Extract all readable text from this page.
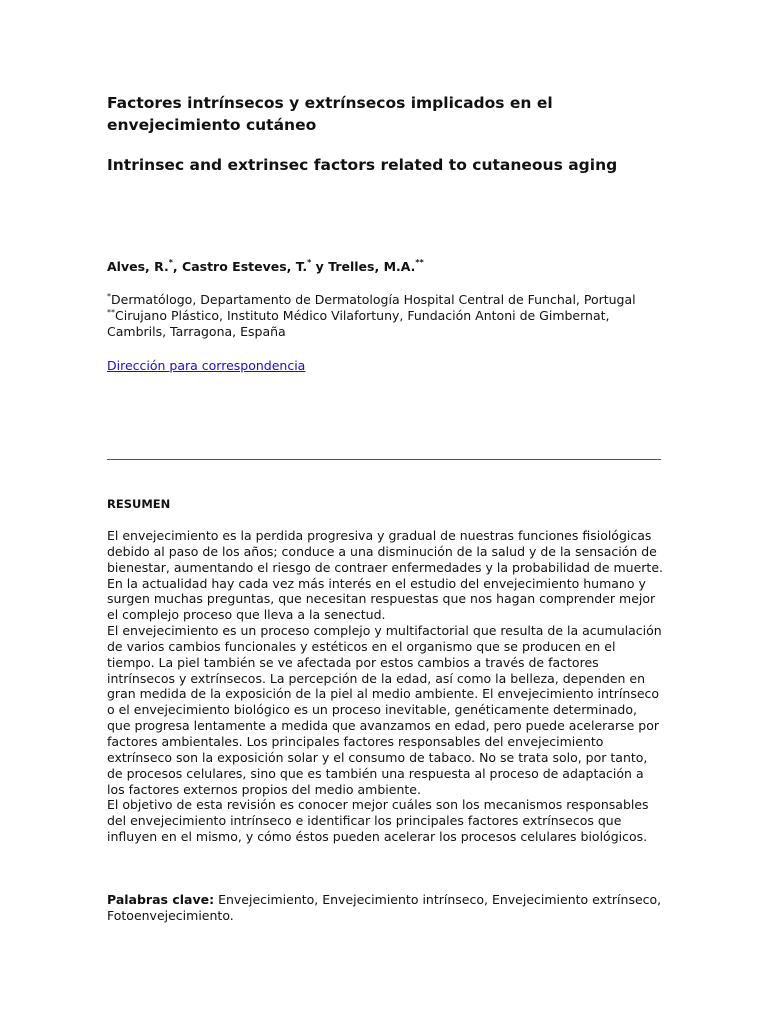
Factores intrínsecos y extrínsecos implicados en el envejecimiento cutáneo
Intrinsec and extrinsec factors related to cutaneous aging
Alves, R.*, Castro Esteves, T.* y Trelles, M.A.**
*Dermatólogo, Departamento de Dermatología Hospital Central de Funchal, Portugal
**Cirujano Plástico, Instituto Médico Vilafortuny, Fundación Antoni de Gimbernat,
Cambrils, Tarragona, España
Dirección para correspondencia
RESUMEN

El envejecimiento es la perdida progresiva y gradual de nuestras funciones fisiológicas debido al paso de los años; conduce a una disminución de la salud y de la sensación de bienestar, aumentando el riesgo de contraer enfermedades y la probabilidad de muerte.

En la actualidad hay cada vez más interés en el estudio del envejecimiento humano y surgen muchas preguntas, que necesitan respuestas que nos hagan comprender mejor el complejo proceso que lleva a la senectud.

El envejecimiento es un proceso complejo y multifactorial que resulta de la acumulación de varios cambios funcionales y estéticos en el organismo que se producen en el tiempo. La piel también se ve afectada por estos cambios a través de factores intrínsecos y extrínsecos. La percepción de la edad, así como la belleza, dependen en gran medida de la exposición de la piel al medio ambiente. El envejecimiento intrínseco o el envejecimiento biológico es un proceso inevitable, genéticamente determinado, que progresa lentamente a medida que avanzamos en edad, pero puede acelerarse por factores ambientales. Los principales factores responsables del envejecimiento extrínseco son la exposición solar y el consumo de tabaco. No se trata solo, por tanto, de procesos celulares, sino que es también una respuesta al proceso de adaptación a los factores externos propios del medio ambiente.

El objetivo de esta revisión es conocer mejor cuáles son los mecanismos responsables del envejecimiento intrínseco e identificar los principales factores extrínsecos que influyen en el mismo, y cómo éstos pueden acelerar los procesos celulares biológicos.

Palabras clave: Envejecimiento, Envejecimiento intrínseco, Envejecimiento extrínseco, Fotoenvejecimiento.
